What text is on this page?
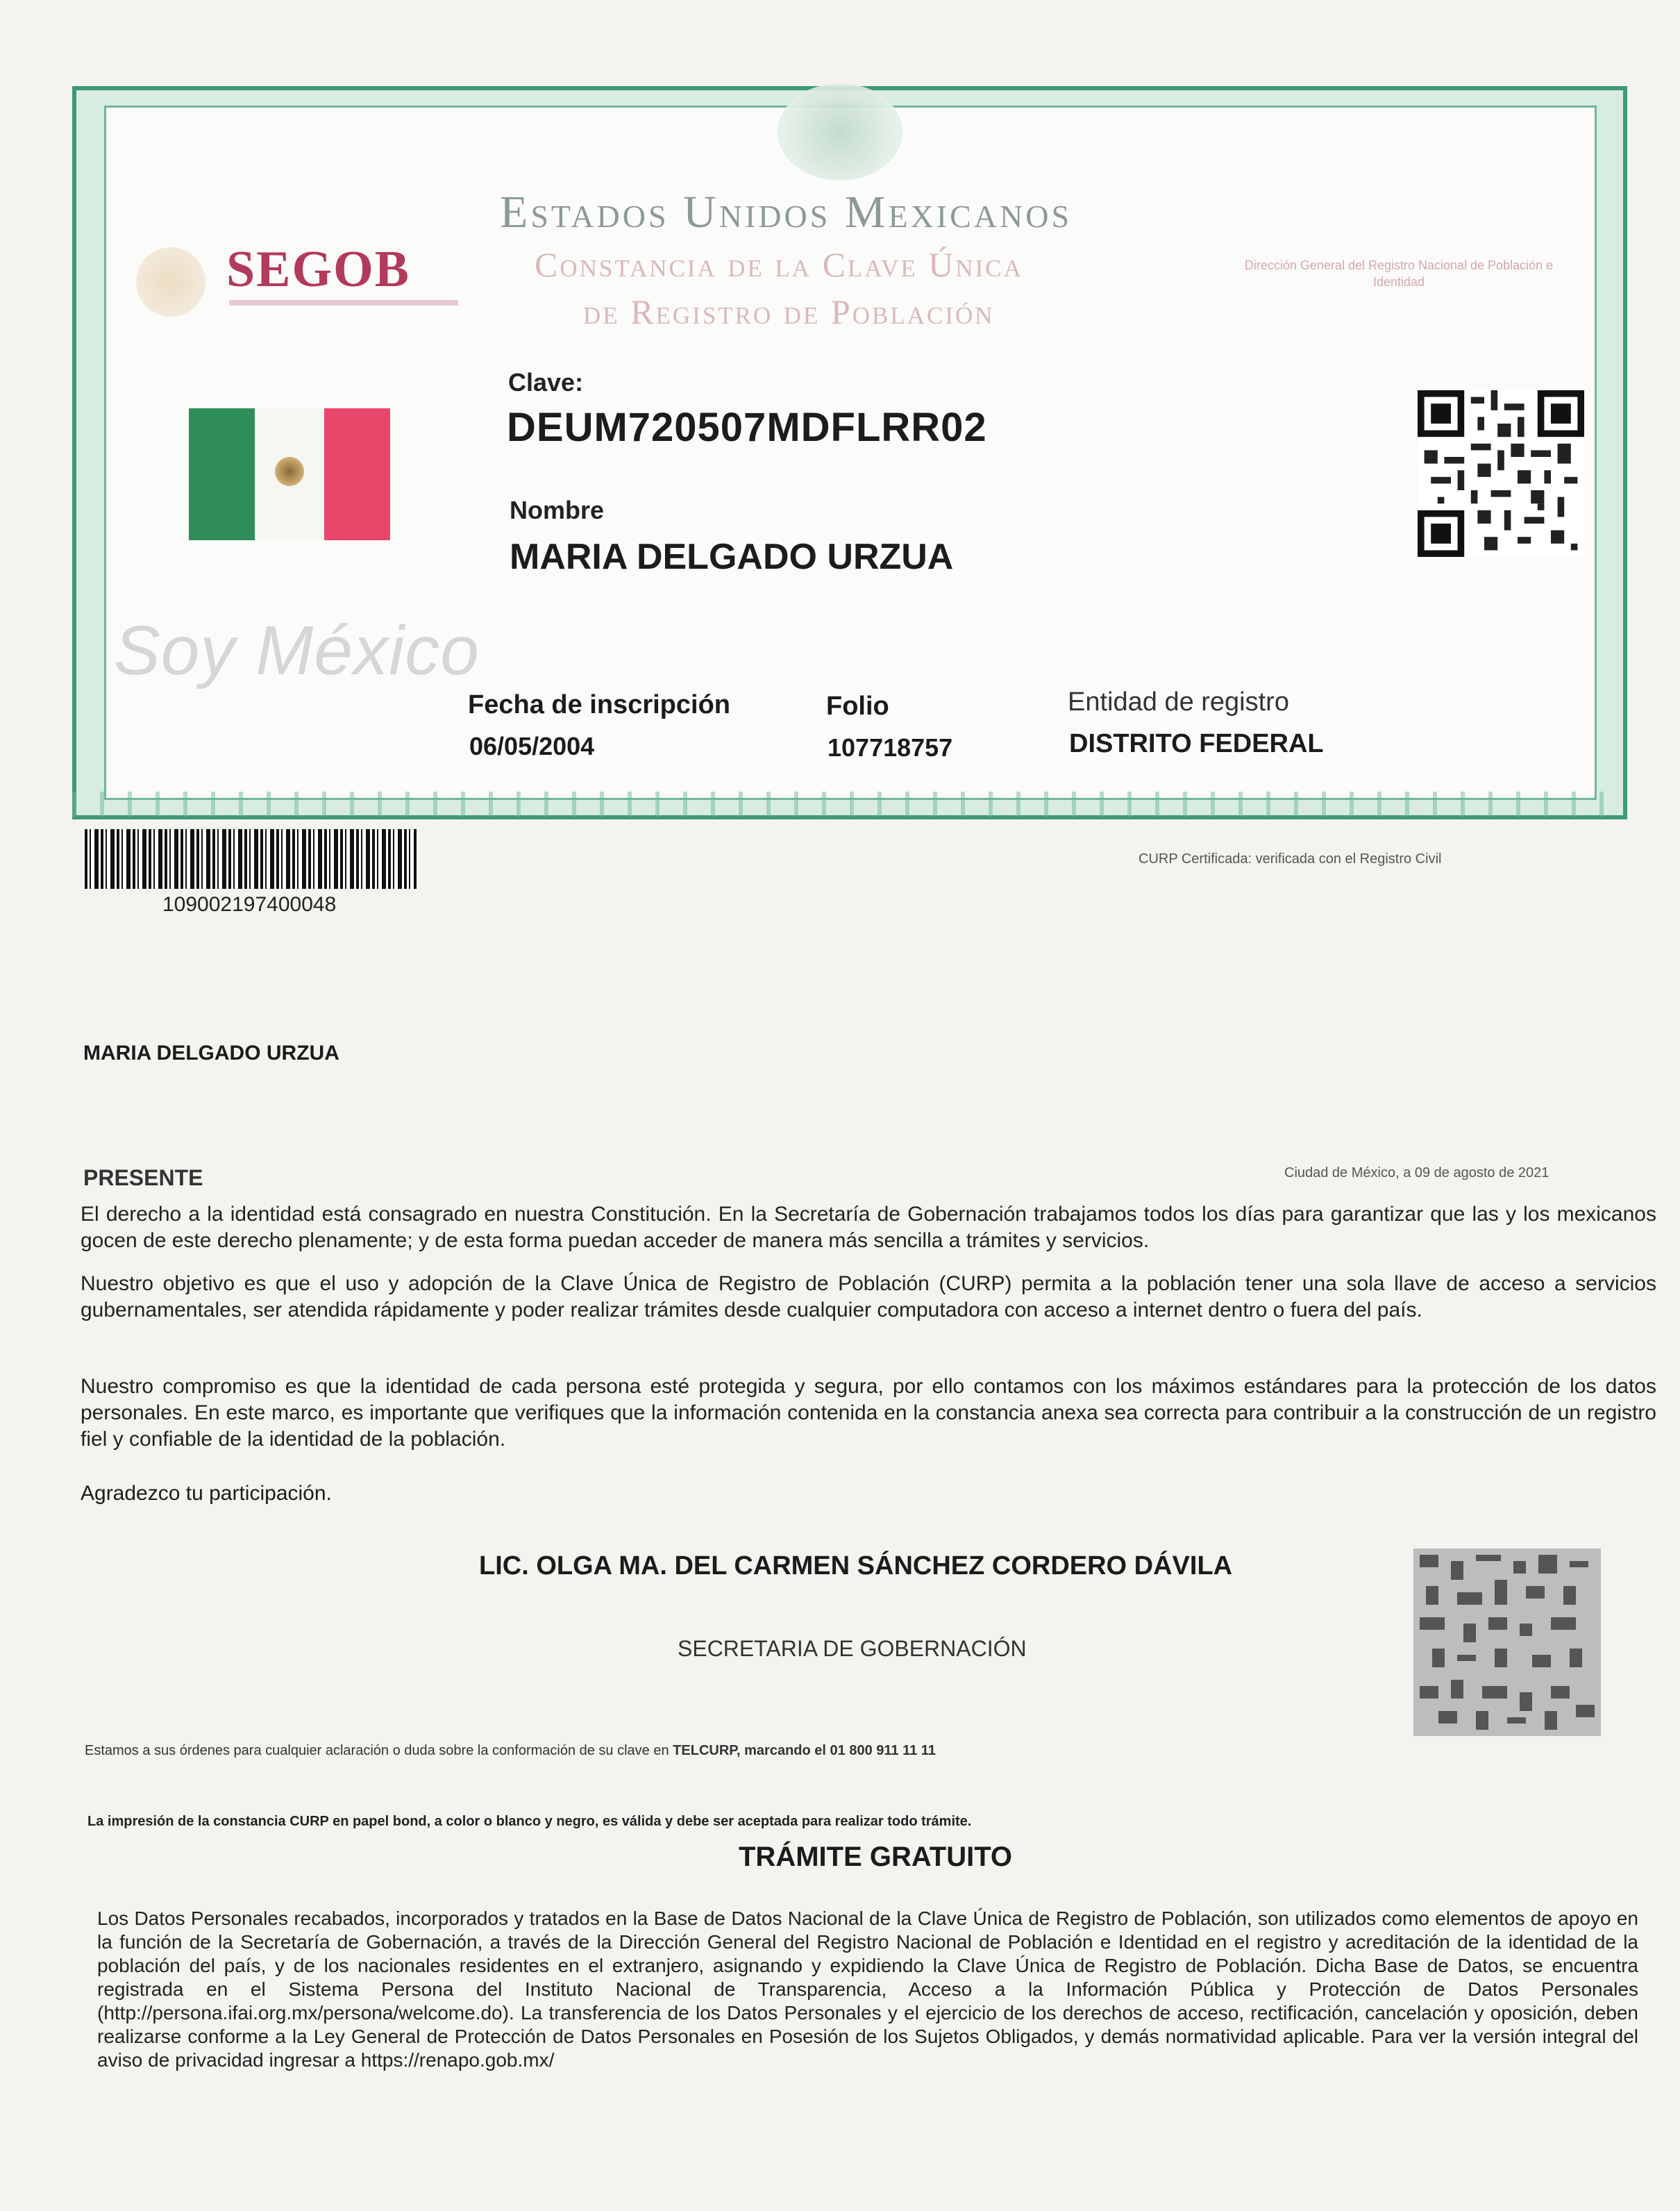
SEGOB
Estados Unidos Mexicanos
Constancia de la Clave Única
de Registro de Población
Dirección General del Registro Nacional de Población e Identidad
Soy México
Clave:
DEUM720507MDFLRR02
Nombre
MARIA DELGADO URZUA
Fecha de inscripción
06/05/2004
Folio
107718757
Entidad de registro
DISTRITO FEDERAL
109002197400048
CURP Certificada: verificada con el Registro Civil
MARIA DELGADO URZUA
PRESENTE	Ciudad de México, a 09 de agosto de 2021
El derecho a la identidad está consagrado en nuestra Constitución. En la Secretaría de Gobernación trabajamos todos los días para garantizar que las y los mexicanos gocen de este derecho plenamente; y de esta forma puedan acceder de manera más sencilla a trámites y servicios.
Nuestro objetivo es que el uso y adopción de la Clave Única de Registro de Población (CURP) permita a la población tener una sola llave de acceso a servicios gubernamentales, ser atendida rápidamente y poder realizar trámites desde cualquier computadora con acceso a internet dentro o fuera del país.
Nuestro compromiso es que la identidad de cada persona esté protegida y segura, por ello contamos con los máximos estándares para la protección de los datos personales. En este marco, es importante que verifiques que la información contenida en la constancia anexa sea correcta para contribuir a la construcción de un registro fiel y confiable de la identidad de la población.
Agradezco tu participación.
LIC. OLGA MA. DEL CARMEN SÁNCHEZ CORDERO DÁVILA
SECRETARIA DE GOBERNACIÓN
Estamos a sus órdenes para cualquier aclaración o duda sobre la conformación de su clave en TELCURP, marcando el 01 800 911 11 11
La impresión de la constancia CURP en papel bond, a color o blanco y negro, es válida y debe ser aceptada para realizar todo trámite.
TRÁMITE GRATUITO
Los Datos Personales recabados, incorporados y tratados en la Base de Datos Nacional de la Clave Única de Registro de Población, son utilizados como elementos de apoyo en la función de la Secretaría de Gobernación, a través de la Dirección General del Registro Nacional de Población e Identidad en el registro y acreditación de la identidad de la población del país, y de los nacionales residentes en el extranjero, asignando y expidiendo la Clave Única de Registro de Población. Dicha Base de Datos, se encuentra registrada en el Sistema Persona del Instituto Nacional de Transparencia, Acceso a la Información Pública y Protección de Datos Personales (http://persona.ifai.org.mx/persona/welcome.do). La transferencia de los Datos Personales y el ejercicio de los derechos de acceso, rectificación, cancelación y oposición, deben realizarse conforme a la Ley General de Protección de Datos Personales en Posesión de los Sujetos Obligados, y demás normatividad aplicable. Para ver la versión integral del aviso de privacidad ingresar a https://renapo.gob.mx/
